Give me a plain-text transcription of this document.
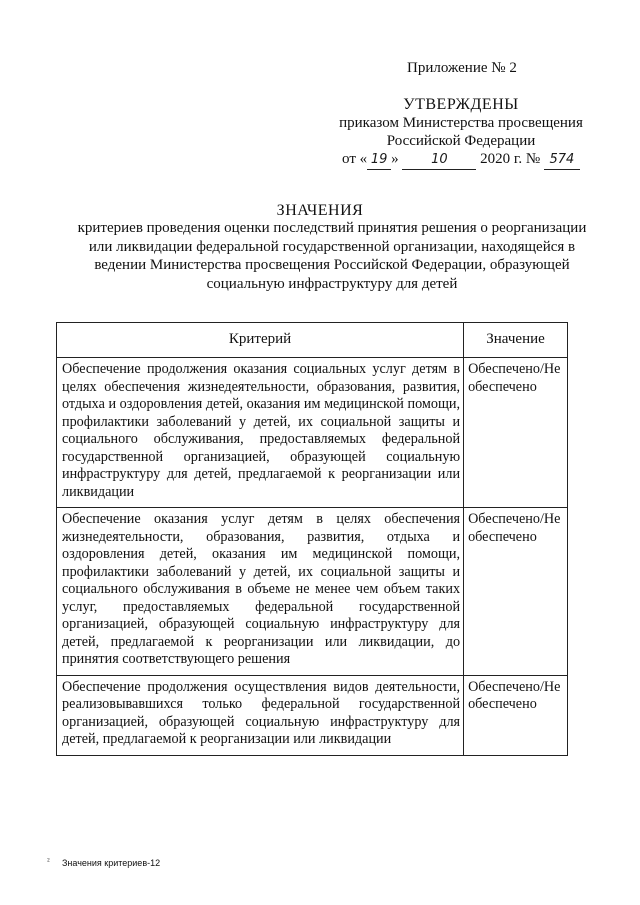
Приложение № 2
УТВЕРЖДЕНЫ
приказом Министерства просвещения
Российской Федерации
от « 19 » 10 2020 г. № 574
ЗНАЧЕНИЯ
критериев проведения оценки последствий принятия решения о реорганизации или ликвидации федеральной государственной организации, находящейся в ведении Министерства просвещения Российской Федерации, образующей социальную инфраструктуру для детей
Критерий	Значение
Обеспечение продолжения оказания социальных услуг детям в целях обеспечения жизнедеятельности, образования, развития, отдыха и оздоровления детей, оказания им медицинской помощи, профилактики заболеваний у детей, их социальной защиты и социального обслуживания, предоставляемых федеральной государственной организацией, образующей социальную инфраструктуру для детей, предлагаемой к реорганизации или ликвидации	Обеспечено/Не обеспечено
Обеспечение оказания услуг детям в целях обеспечения жизнедеятельности, образования, развития, отдыха и оздоровления детей, оказания им медицинской помощи, профилактики заболеваний у детей, их социальной защиты и социального обслуживания в объеме не менее чем объем таких услуг, предоставляемых федеральной государственной организацией, образующей социальную инфраструктуру для детей, предлагаемой к реорганизации или ликвидации, до принятия соответствующего решения	Обеспечено/Не обеспечено
Обеспечение продолжения осуществления видов деятельности, реализовывавшихся только федеральной государственной организацией, образующей социальную инфраструктуру для детей, предлагаемой к реорганизации или ликвидации	Обеспечено/Не обеспечено
² Значения критериев-12
